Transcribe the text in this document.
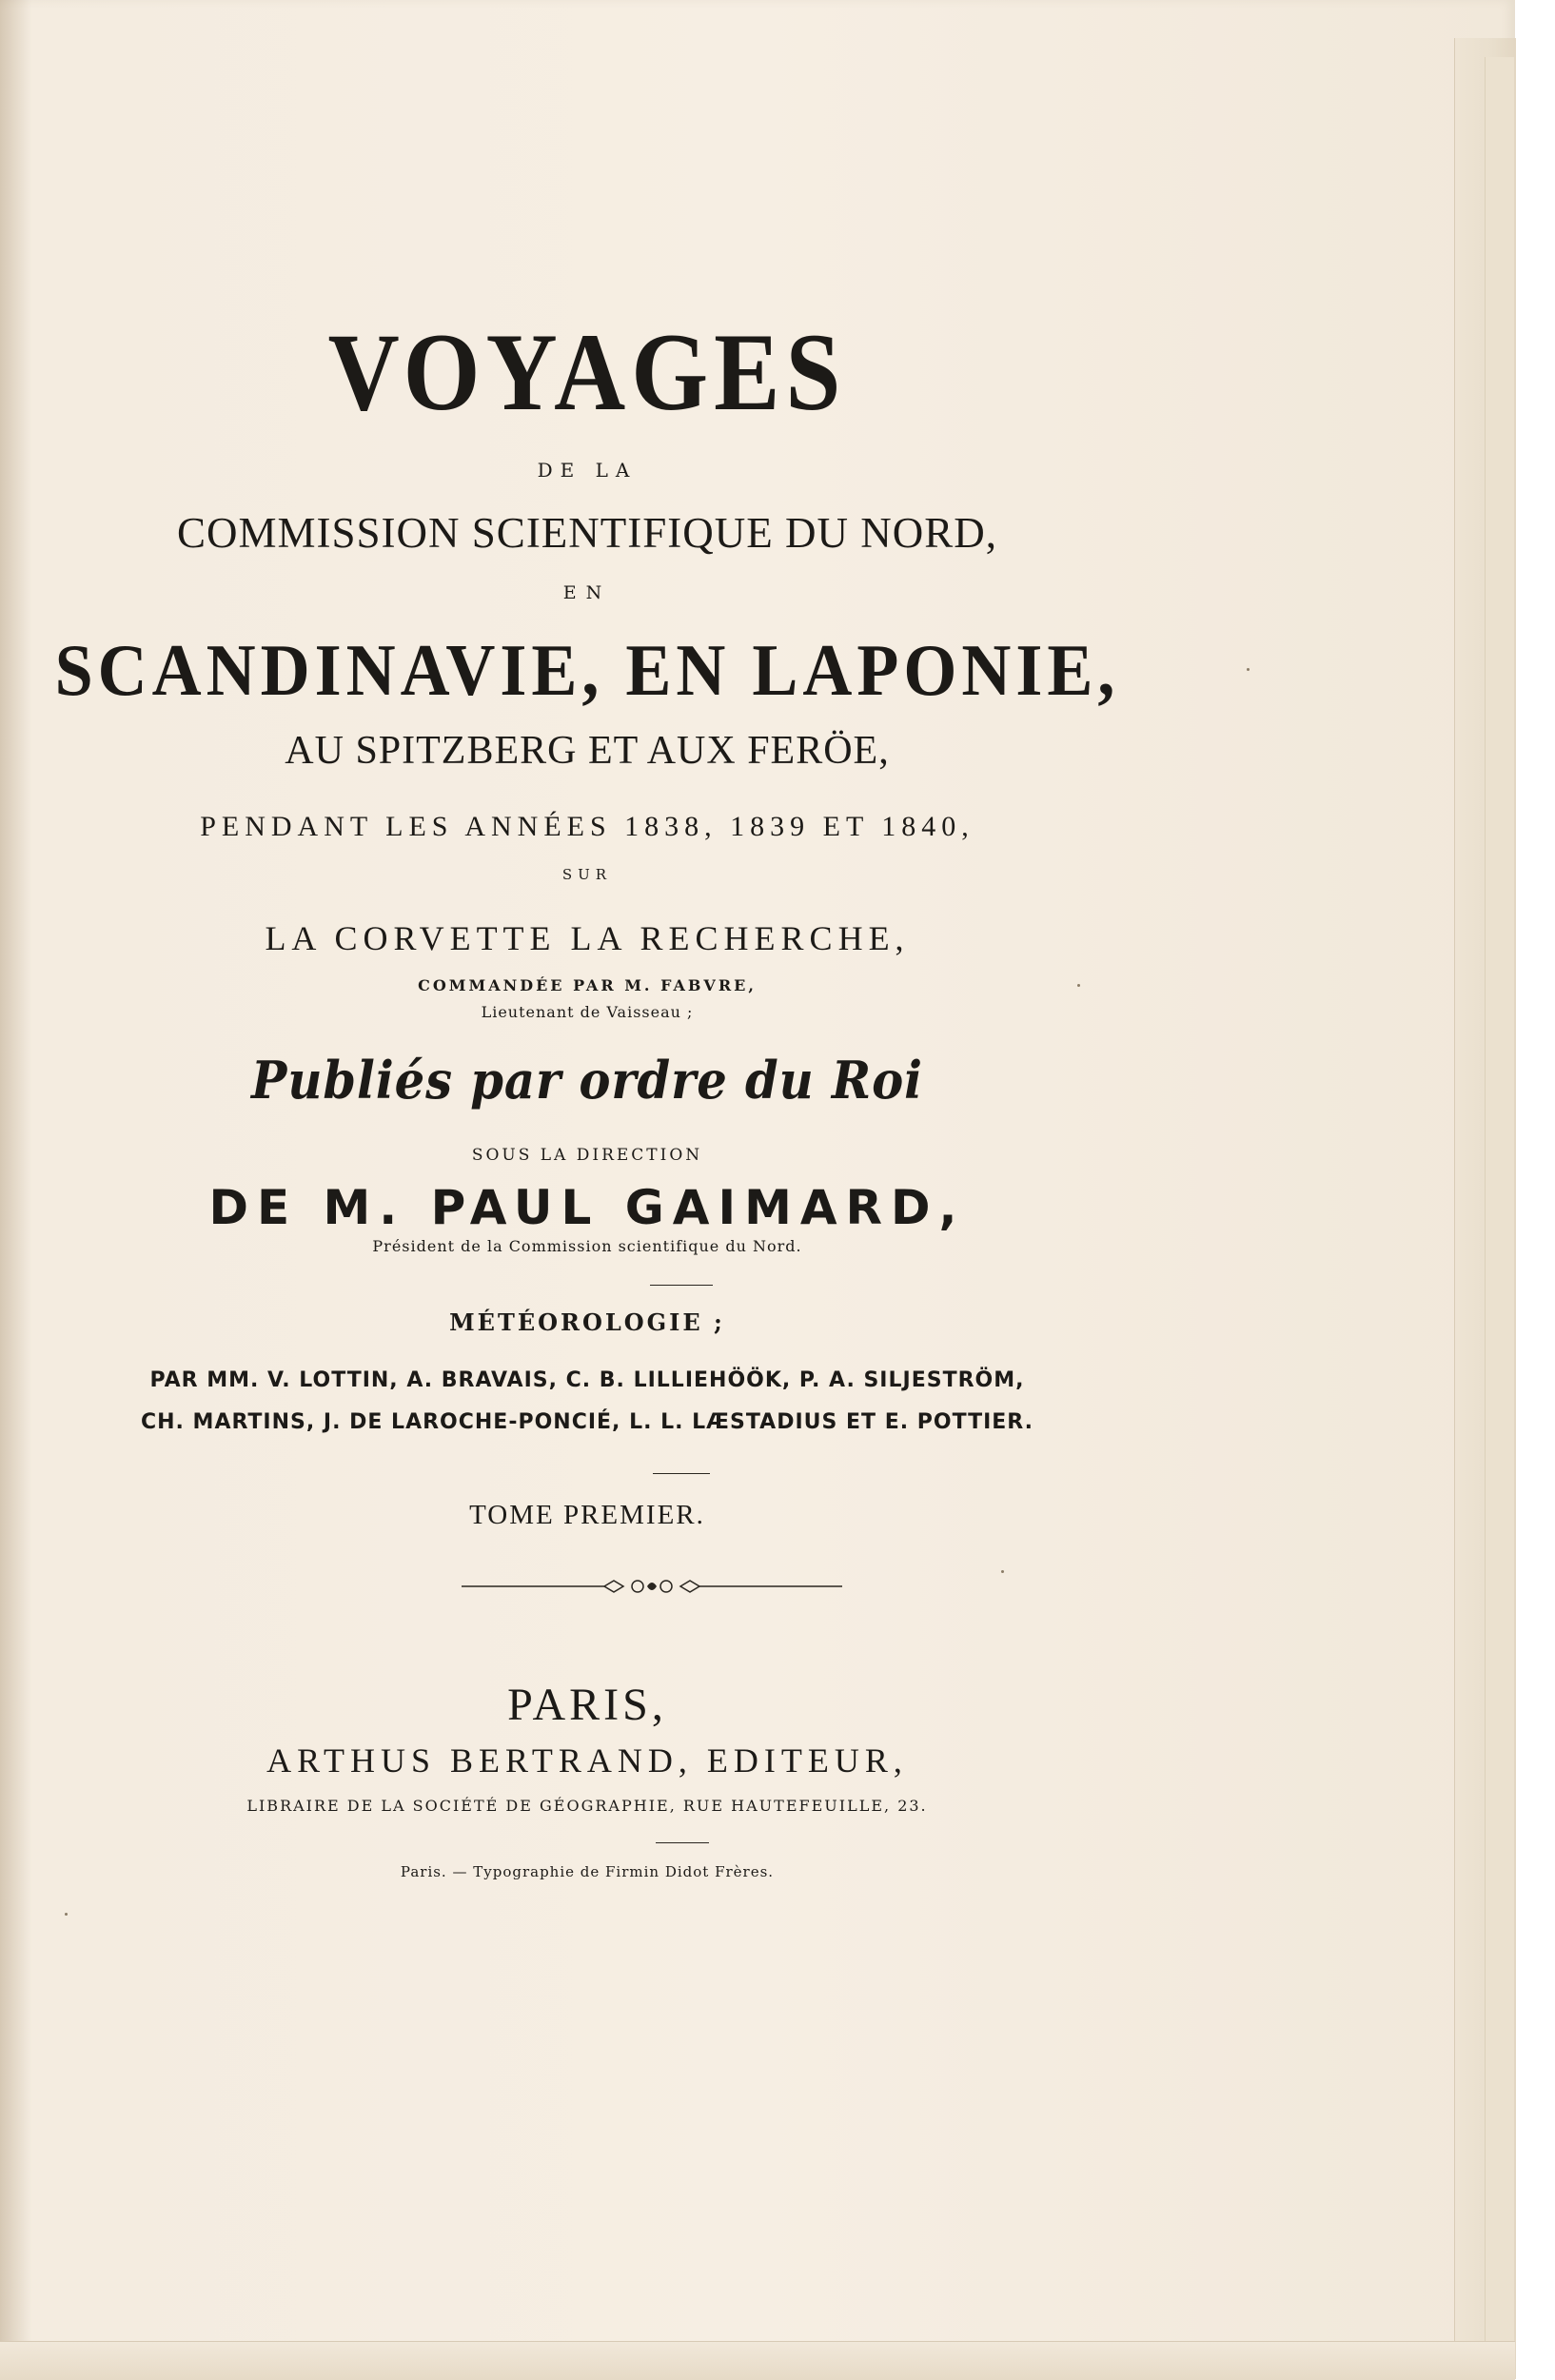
VOYAGES

DE LA

COMMISSION SCIENTIFIQUE DU NORD,

EN

SCANDINAVIE, EN LAPONIE,

AU SPITZBERG ET AUX FERÖE,

PENDANT LES ANNÉES 1838, 1839 ET 1840,

SUR

LA CORVETTE LA RECHERCHE,

COMMANDÉE PAR M. FABVRE,

Lieutenant de Vaisseau ;

Publiés par ordre du Roi

SOUS LA DIRECTION

DE M. PAUL GAIMARD,

Président de la Commission scientifique du Nord.

MÉTÉOROLOGIE ;

PAR MM. V. LOTTIN, A. BRAVAIS, C. B. LILLIEHÖÖK, P. A. SILJESTRÖM,

CH. MARTINS, J. DE LAROCHE-PONCIÉ, L. L. LÆSTADIUS ET E. POTTIER.

TOME PREMIER.

PARIS,

ARTHUS BERTRAND, EDITEUR,

LIBRAIRE DE LA SOCIÉTÉ DE GÉOGRAPHIE, RUE HAUTEFEUILLE, 23.

Paris. — Typographie de Firmin Didot Frères.
